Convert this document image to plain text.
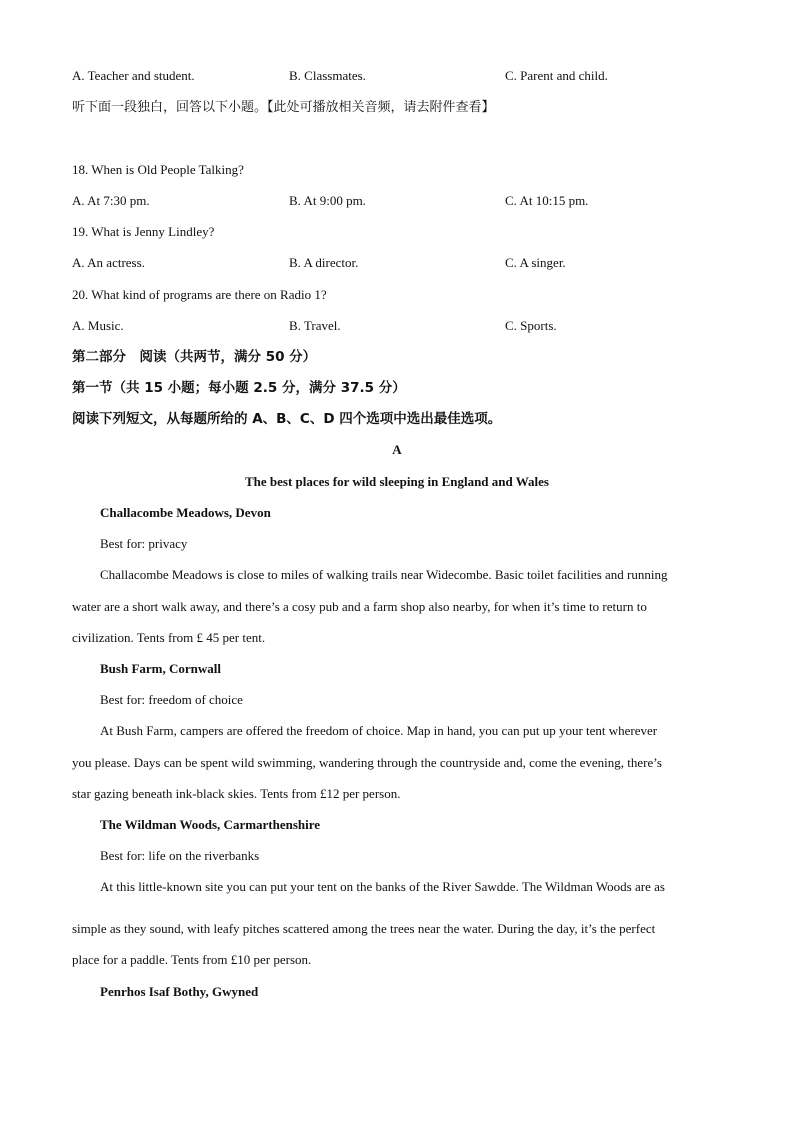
A. Teacher and student.	B. Classmates.	C. Parent and child.
听下面一段独白，回答以下小题。【此处可播放相关音频，请去附件查看】
18. When is Old People Talking?
A. At 7:30 pm.	B. At 9:00 pm.	C. At 10:15 pm.
19. What is Jenny Lindley?
A. An actress.	B. A director.	C. A singer.
20. What kind of programs are there on Radio 1?
A. Music.	B. Travel.	C. Sports.
第二部分　阅读（共两节，满分 50 分）
第一节（共 15 小题；每小题 2.5 分，满分 37.5 分）
阅读下列短文，从每题所给的 A、B、C、D 四个选项中选出最佳选项。
A
The best places for wild sleeping in England and Wales
Challacombe Meadows, Devon
Best for: privacy
Challacombe Meadows is close to miles of walking trails near Widecombe. Basic toilet facilities and running
water are a short walk away, and there’s a cosy pub and a farm shop also nearby, for when it’s time to return to
civilization. Tents from £ 45 per tent.
Bush Farm, Cornwall
Best for: freedom of choice
At Bush Farm, campers are offered the freedom of choice. Map in hand, you can put up your tent wherever
you please. Days can be spent wild swimming, wandering through the countryside and, come the evening, there’s
star gazing beneath ink-black skies. Tents from £12 per person.
The Wildman Woods, Carmarthenshire
Best for: life on the riverbanks
At this little-known site you can put your tent on the banks of the River Sawdde. The Wildman Woods are as
simple as they sound, with leafy pitches scattered among the trees near the water. During the day, it’s the perfect
place for a paddle. Tents from £10 per person.
Penrhos Isaf Bothy, Gwyned
